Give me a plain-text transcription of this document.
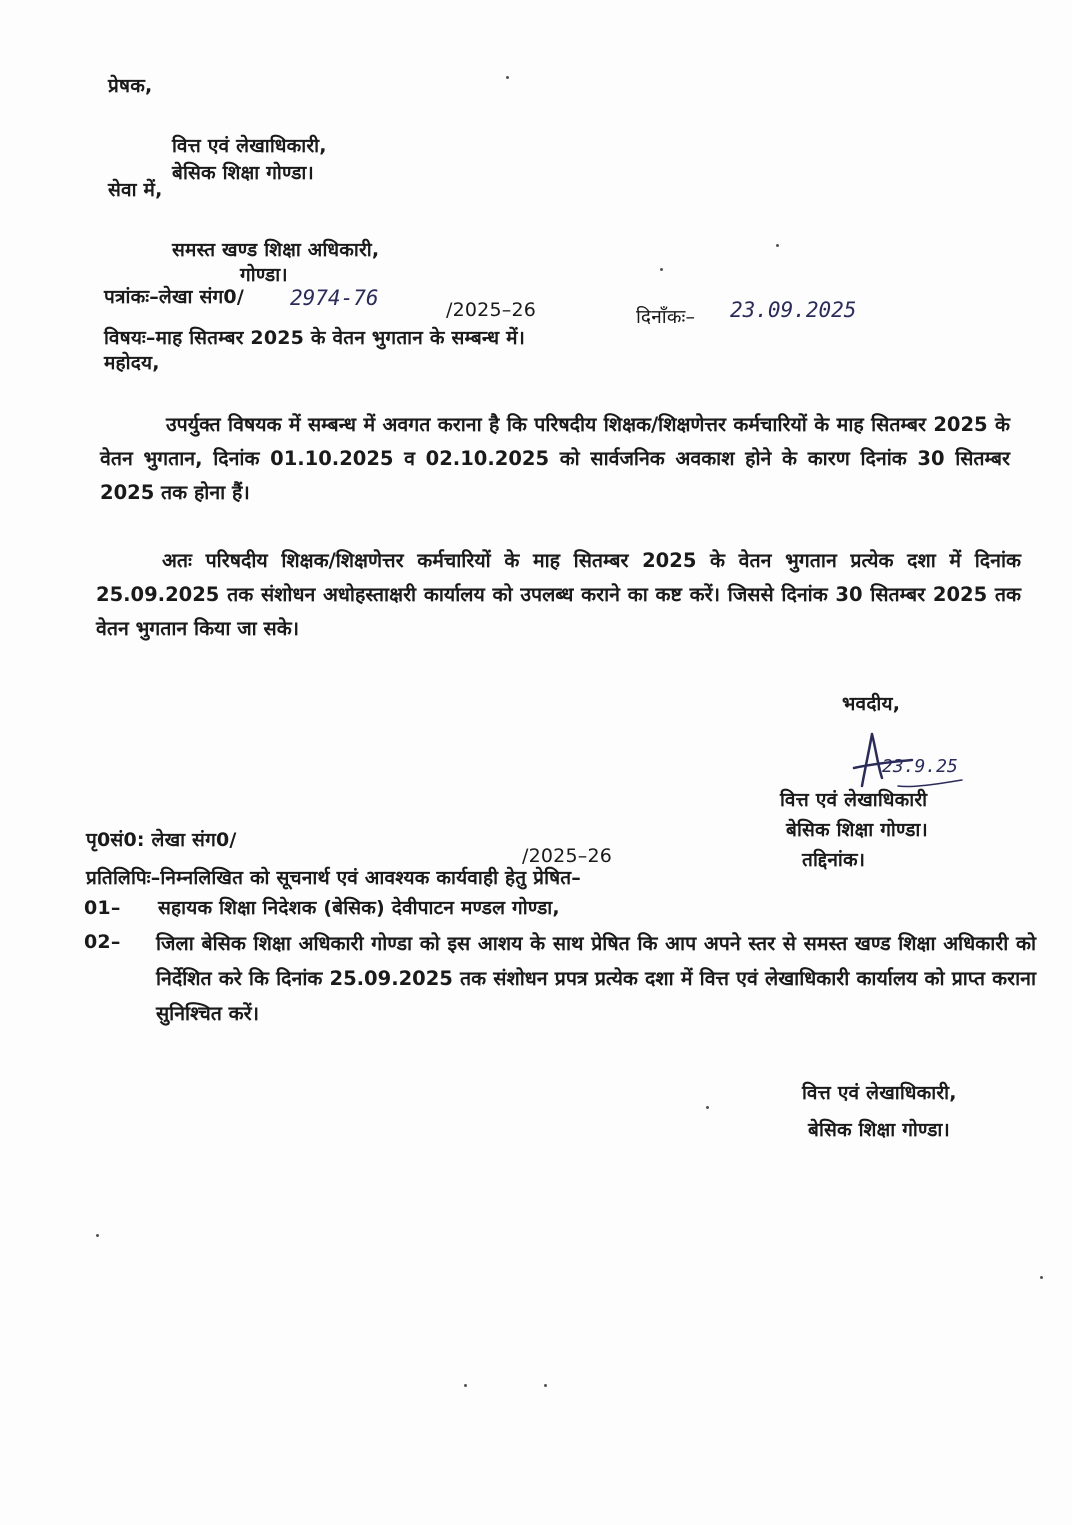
प्रेषक,
वित्त एवं लेखाधिकारी,
बेसिक शिक्षा गोण्डा।
सेवा में,
समस्त खण्ड शिक्षा अधिकारी,
गोण्डा।
पत्रांकः–लेखा संग0/ 2974-76	/2025–26	दिनाँकः– 23.09.2025
विषयः–माह सितम्बर 2025 के वेतन भुगतान के सम्बन्ध में।
महोदय,
उपर्युक्त विषयक में सम्बन्ध में अवगत कराना है कि परिषदीय शिक्षक/शिक्षणेत्तर कर्मचारियों के माह सितम्बर 2025 के वेतन भुगतान, दिनांक 01.10.2025 व 02.10.2025 को सार्वजनिक अवकाश होने के कारण दिनांक 30 सितम्बर 2025 तक होना हैं।
अतः परिषदीय शिक्षक/शिक्षणेत्तर कर्मचारियों के माह सितम्बर 2025 के वेतन भुगतान प्रत्येक दशा में दिनांक 25.09.2025 तक संशोधन अधोहस्ताक्षरी कार्यालय को उपलब्ध कराने का कष्ट करें। जिससे दिनांक 30 सितम्बर 2025 तक वेतन भुगतान किया जा सके।
भवदीय,
23.9.25
वित्त एवं लेखाधिकारी
बेसिक शिक्षा गोण्डा।
तद्दिनांक।
पृ0सं0: लेखा संग0/
/2025–26
प्रतिलिपिः–निम्नलिखित को सूचनार्थ एवं आवश्यक कार्यवाही हेतु प्रेषित–
01– सहायक शिक्षा निदेशक (बेसिक) देवीपाटन मण्डल गोण्डा,
02– जिला बेसिक शिक्षा अधिकारी गोण्डा को इस आशय के साथ प्रेषित कि आप अपने स्तर से समस्त खण्ड शिक्षा अधिकारी को निर्देशित करे कि दिनांक 25.09.2025 तक संशोधन प्रपत्र प्रत्येक दशा में वित्त एवं लेखाधिकारी कार्यालय को प्राप्त कराना सुनिश्चित करें।
वित्त एवं लेखाधिकारी,
बेसिक शिक्षा गोण्डा।
